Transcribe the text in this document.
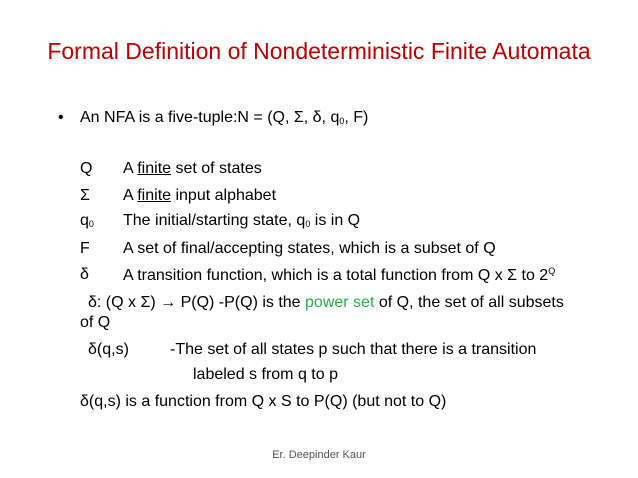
Formal Definition of Nondeterministic Finite Automata
• An NFA is a five-tuple:N = (Q, Σ, δ, $q_0$, F)
Q A finite set of states
Σ A finite input alphabet
$q_0$ The initial/starting state, $q_0$ is in Q
F A set of final/accepting states, which is a subset of Q
δ A transition function, which is a total function from Q x Σ to $2^Q$
δ: (Q x Σ) → P(Q) -P(Q) is the power set of Q, the set of all subsets
of Q
δ(q,s)	-The set of all states p such that there is a transition
labeled s from q to p
δ(q,s) is a function from Q x S to P(Q) (but not to Q)
Er. Deepinder Kaur
